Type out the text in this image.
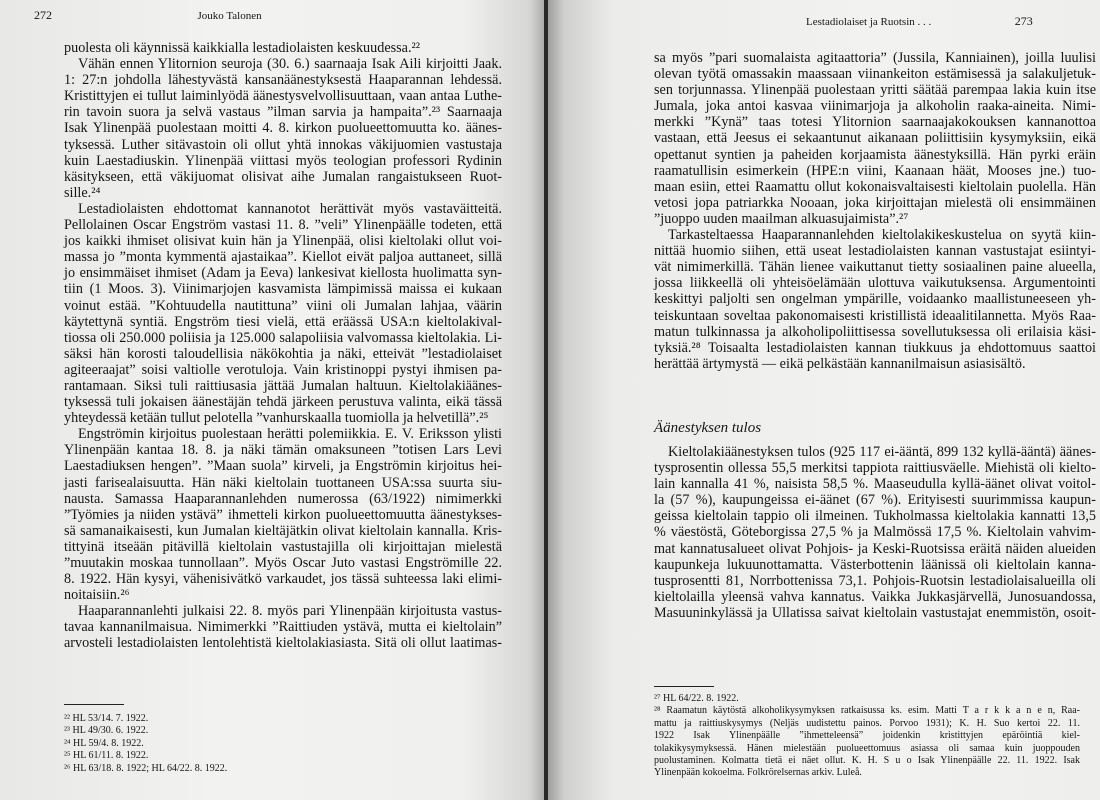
272	Jouko Talonen
puolesta oli käynnissä kaikkialla lestadiolaisten keskuudessa.²²
Vähän ennen Ylitornion seuroja (30. 6.) saarnaaja Isak Aili kirjoitti Jaak.
1: 27:n johdolla lähestyvästä kansanäänestyksestä Haaparannan lehdessä.
Kristittyjen ei tullut laiminlyödä äänestysvelvollisuuttaan, vaan antaa Luthe-
rin tavoin suora ja selvä vastaus ”ilman sarvia ja hampaita”.²³ Saarnaaja
Isak Ylinenpää puolestaan moitti 4. 8. kirkon puolueettomuutta ko. äänes-
tyksessä. Luther sitävastoin oli ollut yhtä innokas väkijuomien vastustaja
kuin Laestadiuskin. Ylinenpää viittasi myös teologian professori Rydinin
käsitykseen, että väkijuomat olisivat aihe Jumalan rangaistukseen Ruot-
sille.²⁴
Lestadiolaisten ehdottomat kannanotot herättivät myös vastaväitteitä.
Pellolainen Oscar Engström vastasi 11. 8. ”veli” Ylinenpäälle todeten, että
jos kaikki ihmiset olisivat kuin hän ja Ylinenpää, olisi kieltolaki ollut voi-
massa jo ”monta kymmentä ajastaikaa”. Kiellot eivät paljoa auttaneet, sillä
jo ensimmäiset ihmiset (Adam ja Eeva) lankesivat kiellosta huolimatta syn-
tiin (1 Moos. 3). Viinimarjojen kasvamista lämpimissä maissa ei kukaan
voinut estää. ”Kohtuudella nautittuna” viini oli Jumalan lahjaa, väärin
käytettynä syntiä. Engström tiesi vielä, että eräässä USA:n kieltolakival-
tiossa oli 250.000 poliisia ja 125.000 salapoliisia valvomassa kieltolakia. Li-
säksi hän korosti taloudellisia näkökohtia ja näki, etteivät ”lestadiolaiset
agiteeraajat” soisi valtiolle verotuloja. Vain kristinoppi pystyi ihmisen pa-
rantamaan. Siksi tuli raittiusasia jättää Jumalan haltuun. Kieltolakiäänes-
tyksessä tuli jokaisen äänestäjän tehdä järkeen perustuva valinta, eikä tässä
yhteydessä ketään tullut pelotella ”vanhurskaalla tuomiolla ja helvetillä”.²⁵
Engströmin kirjoitus puolestaan herätti polemiikkia. E. V. Eriksson ylisti
Ylinenpään kantaa 18. 8. ja näki tämän omaksuneen ”totisen Lars Levi
Laestadiuksen hengen”. ”Maan suola” kirveli, ja Engströmin kirjoitus hei-
jasti farisealaisuutta. Hän näki kieltolain tuottaneen USA:ssa suurta siu-
nausta. Samassa Haaparannanlehden numerossa (63/1922) nimimerkki
”Työmies ja niiden ystävä” ihmetteli kirkon puolueettomuutta äänestykses-
sä samanaikaisesti, kun Jumalan kieltäjätkin olivat kieltolain kannalla. Kris-
tittyinä itseään pitävillä kieltolain vastustajilla oli kirjoittajan mielestä
”muutakin moskaa tunnollaan”. Myös Oscar Juto vastasi Engströmille 22.
8. 1922. Hän kysyi, vähenisivätkö varkaudet, jos tässä suhteessa laki elimi-
noitaisiin.²⁶
Haaparannanlehti julkaisi 22. 8. myös pari Ylinenpään kirjoitusta vastus-
tavaa kannanilmaisua. Nimimerkki ”Raittiuden ystävä, mutta ei kieltolain”
arvosteli lestadiolaisten lentolehtistä kieltolakiasiasta. Sitä oli ollut laatimas-
²² HL 53/14. 7. 1922.
²³ HL 49/30. 6. 1922.
²⁴ HL 59/4. 8. 1922.
²⁵ HL 61/11. 8. 1922.
²⁶ HL 63/18. 8. 1922; HL 64/22. 8. 1922.
Lestadiolaiset ja Ruotsin . . .	273
sa myös ”pari suomalaista agitaattoria” (Jussila, Kanniainen), joilla luulisi
olevan työtä omassakin maassaan viinankeiton estämisessä ja salakuljetuk-
sen torjunnassa. Ylinenpää puolestaan yritti säätää parempaa lakia kuin itse
Jumala, joka antoi kasvaa viinimarjoja ja alkoholin raaka-aineita. Nimi-
merkki ”Kynä” taas totesi Ylitornion saarnaajakokouksen kannanottoa
vastaan, että Jeesus ei sekaantunut aikanaan poliittisiin kysymyksiin, eikä
opettanut syntien ja paheiden korjaamista äänestyksillä. Hän pyrki eräin
raamatullisin esimerkein (HPE:n viini, Kaanaan häät, Mooses jne.) tuo-
maan esiin, ettei Raamattu ollut kokonaisvaltaisesti kieltolain puolella. Hän
vetosi jopa patriarkka Nooaan, joka kirjoittajan mielestä oli ensimmäinen
”juoppo uuden maailman alkuasujaimista”.²⁷
Tarkasteltaessa Haaparannanlehden kieltolakikeskustelua on syytä kiin-
nittää huomio siihen, että useat lestadiolaisten kannan vastustajat esiintyi-
vät nimimerkillä. Tähän lienee vaikuttanut tietty sosiaalinen paine alueella,
jossa liikkeellä oli yhteisöelämään ulottuva vaikutuksensa. Argumentointi
keskittyi paljolti sen ongelman ympärille, voidaanko maallistuneeseen yh-
teiskuntaan soveltaa pakonomaisesti kristillistä ideaalitilannetta. Myös Raa-
matun tulkinnassa ja alkoholipoliittisessa sovellutuksessa oli erilaisia käsi-
tyksiä.²⁸ Toisaalta lestadiolaisten kannan tiukkuus ja ehdottomuus saattoi
herättää ärtymystä — eikä pelkästään kannanilmaisun asiasisältö.
Äänestyksen tulos
Kieltolakiäänestyksen tulos (925 117 ei-ääntä, 899 132 kyllä-ääntä) äänes-
tysprosentin ollessa 55,5 merkitsi tappiota raittiusväelle. Miehistä oli kielto-
lain kannalla 41 %, naisista 58,5 %. Maaseudulla kyllä-äänet olivat voitol-
la (57 %), kaupungeissa ei-äänet (67 %). Erityisesti suurimmissa kaupun-
geissa kieltolain tappio oli ilmeinen. Tukholmassa kieltolakia kannatti 13,5
% väestöstä, Göteborgissa 27,5 % ja Malmössä 17,5 %. Kieltolain vahvim-
mat kannatusalueet olivat Pohjois- ja Keski-Ruotsissa eräitä näiden alueiden
kaupunkeja lukuunottamatta. Västerbottenin läänissä oli kieltolain kanna-
tusprosentti 81, Norrbottenissa 73,1. Pohjois-Ruotsin lestadiolaisalueilla oli
kieltolailla yleensä vahva kannatus. Vaikka Jukkasjärvellä, Junosuandossa,
Masuuninkylässä ja Ullatissa saivat kieltolain vastustajat enemmistön, osoit-
²⁷ HL 64/22. 8. 1922.
²⁸ Raamatun käytöstä alkoholikysymyksen ratkaisussa ks. esim. Matti T a r k k a n e n, Raa-
mattu ja raittiuskysymys (Neljäs uudistettu painos. Porvoo 1931); K. H. Suo kertoi 22. 11.
1922 Isak Ylinenpäälle ”ihmetteleensä” joidenkin kristittyjen epäröintiä kiel-
tolakikysymyksessä. Hänen mielestään puolueettomuus asiassa oli samaa kuin juoppouden
puolustaminen. Kolmatta tietä ei näet ollut. K. H. S u o Isak Ylinenpäälle 22. 11. 1922. Isak
Ylinenpään kokoelma. Folkrörelsernas arkiv. Luleå.
